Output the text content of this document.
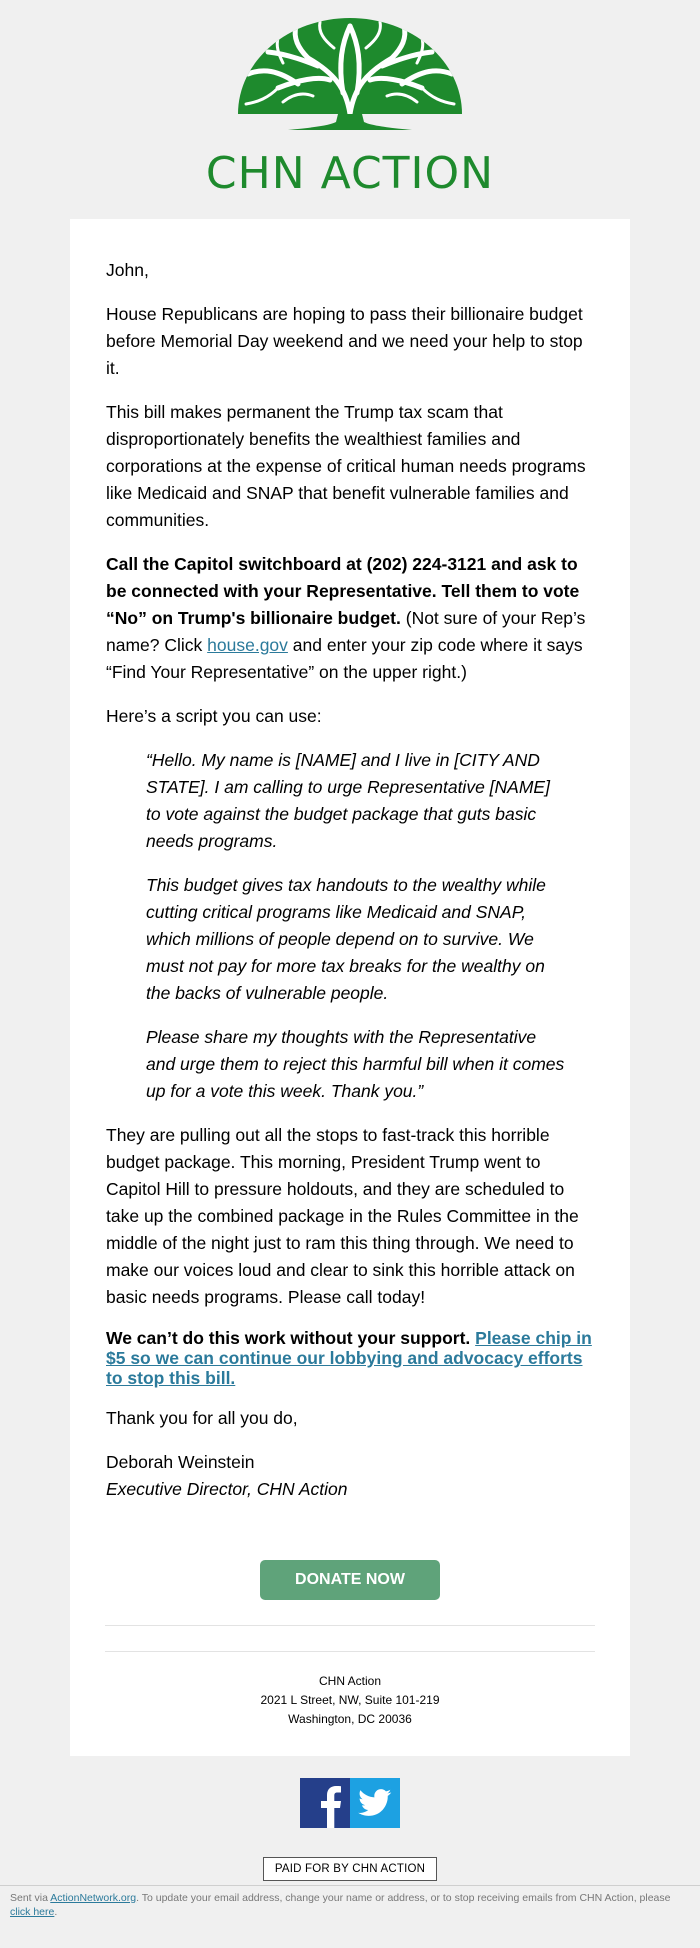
CHN ACTION

John,

House Republicans are hoping to pass their billionaire budget before Memorial Day weekend and we need your help to stop it.

This bill makes permanent the Trump tax scam that disproportionately benefits the wealthiest families and corporations at the expense of critical human needs programs like Medicaid and SNAP that benefit vulnerable families and communities.

Call the Capitol switchboard at (202) 224-3121 and ask to be connected with your Representative. Tell them to vote “No” on Trump's billionaire budget. (Not sure of your Rep’s name? Click house.gov and enter your zip code where it says “Find Your Representative” on the upper right.)

Here’s a script you can use:

“Hello. My name is [NAME] and I live in [CITY AND STATE]. I am calling to urge Representative [NAME] to vote against the budget package that guts basic needs programs.

This budget gives tax handouts to the wealthy while cutting critical programs like Medicaid and SNAP, which millions of people depend on to survive. We must not pay for more tax breaks for the wealthy on the backs of vulnerable people.

Please share my thoughts with the Representative and urge them to reject this harmful bill when it comes up for a vote this week. Thank you.”

They are pulling out all the stops to fast-track this horrible budget package. This morning, President Trump went to Capitol Hill to pressure holdouts, and they are scheduled to take up the combined package in the Rules Committee in the middle of the night just to ram this thing through. We need to make our voices loud and clear to sink this horrible attack on basic needs programs. Please call today!

We can’t do this work without your support. Please chip in $5 so we can continue our lobbying and advocacy efforts to stop this bill.

Thank you for all you do,

Deborah Weinstein
Executive Director, CHN Action

DONATE NOW
CHN Action
2021 L Street, NW, Suite 101-219
Washington, DC 20036
PAID FOR BY CHN ACTION
Sent via ActionNetwork.org. To update your email address, change your name or address, or to stop receiving emails from CHN Action, please click here.
